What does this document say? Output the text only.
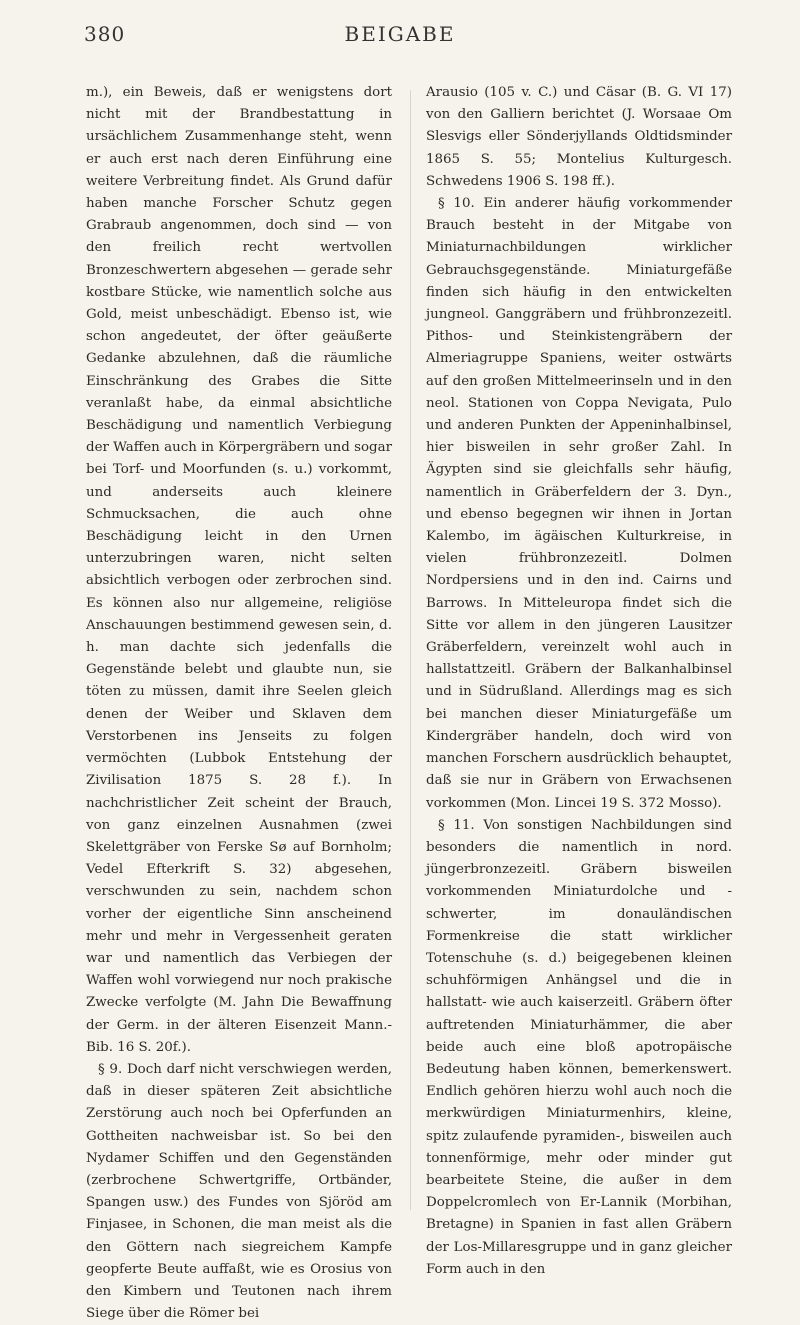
380	BEIGABE

m.), ein Beweis, daß er wenigstens dort nicht mit der Brandbestattung in ursächlichem Zusammenhange steht, wenn er auch erst nach deren Einführung eine weitere Verbreitung findet. Als Grund dafür haben manche Forscher Schutz gegen Grabraub angenommen, doch sind — von den freilich recht wertvollen Bronzeschwertern abgesehen — gerade sehr kostbare Stücke, wie namentlich solche aus Gold, meist unbeschädigt. Ebenso ist, wie schon angedeutet, der öfter geäußerte Gedanke abzulehnen, daß die räumliche Einschränkung des Grabes die Sitte veranlaßt habe, da einmal absichtliche Beschädigung und namentlich Verbiegung der Waffen auch in Körpergräbern und sogar bei Torf- und Moorfunden (s. u.) vorkommt, und anderseits auch kleinere Schmucksachen, die auch ohne Beschädigung leicht in den Urnen unterzubringen waren, nicht selten absichtlich verbogen oder zerbrochen sind. Es können also nur allgemeine, religiöse Anschauungen bestimmend gewesen sein, d. h. man dachte sich jedenfalls die Gegenstände belebt und glaubte nun, sie töten zu müssen, damit ihre Seelen gleich denen der Weiber und Sklaven dem Verstorbenen ins Jenseits zu folgen vermöchten (Lubbok Entstehung der Zivilisation 1875 S. 28 f.). In nachchristlicher Zeit scheint der Brauch, von ganz einzelnen Ausnahmen (zwei Skelettgräber von Ferske Sø auf Bornholm; Vedel Efterkrift S. 32) abgesehen, verschwunden zu sein, nachdem schon vorher der eigentliche Sinn anscheinend mehr und mehr in Vergessenheit geraten war und namentlich das Verbiegen der Waffen wohl vorwiegend nur noch prakische Zwecke verfolgte (M. Jahn Die Bewaffnung der Germ. in der älteren Eisenzeit Mann.-Bib. 16 S. 20f.).

§ 9. Doch darf nicht verschwiegen werden, daß in dieser späteren Zeit absichtliche Zerstörung auch noch bei Opferfunden an Gottheiten nachweisbar ist. So bei den Nydamer Schiffen und den Gegenständen (zerbrochene Schwertgriffe, Ortbänder, Spangen usw.) des Fundes von Sjöröd am Finjasee, in Schonen, die man meist als die den Göttern nach siegreichem Kampfe geopferte Beute auffaßt, wie es Orosius von den Kimbern und Teutonen nach ihrem Siege über die Römer bei

Arausio (105 v. C.) und Cäsar (B. G. VI 17) von den Galliern berichtet (J. Worsaae Om Slesvigs eller Sönderjyllands Oldtidsminder 1865 S. 55; Montelius Kulturgesch. Schwedens 1906 S. 198 ff.).

§ 10. Ein anderer häufig vorkommender Brauch besteht in der Mitgabe von Miniaturnachbildungen wirklicher Gebrauchsgegenstände. Miniaturgefäße finden sich häufig in den entwickelten jungneol. Ganggräbern und frühbronzezeitl. Pithos- und Steinkistengräbern der Almeriagruppe Spaniens, weiter ostwärts auf den großen Mittelmeerinseln und in den neol. Stationen von Coppa Nevigata, Pulo und anderen Punkten der Appeninhalbinsel, hier bisweilen in sehr großer Zahl. In Ägypten sind sie gleichfalls sehr häufig, namentlich in Gräberfeldern der 3. Dyn., und ebenso begegnen wir ihnen in Jortan Kalembo, im ägäischen Kulturkreise, in vielen frühbronzezeitl. Dolmen Nordpersiens und in den ind. Cairns und Barrows. In Mitteleuropa findet sich die Sitte vor allem in den jüngeren Lausitzer Gräberfeldern, vereinzelt wohl auch in hallstattzeitl. Gräbern der Balkanhalbinsel und in Südrußland. Allerdings mag es sich bei manchen dieser Miniaturgefäße um Kindergräber handeln, doch wird von manchen Forschern ausdrücklich behauptet, daß sie nur in Gräbern von Erwachsenen vorkommen (Mon. Lincei 19 S. 372 Mosso).

§ 11. Von sonstigen Nachbildungen sind besonders die namentlich in nord. jüngerbronzezeitl. Gräbern bisweilen vorkommenden Miniaturdolche und -schwerter, im donauländischen Formenkreise die statt wirklicher Totenschuhe (s. d.) beigegebenen kleinen schuhförmigen Anhängsel und die in hallstatt- wie auch kaiserzeitl. Gräbern öfter auftretenden Miniaturhämmer, die aber beide auch eine bloß apotropäische Bedeutung haben können, bemerkenswert. Endlich gehören hierzu wohl auch noch die merkwürdigen Miniaturmenhirs, kleine, spitz zulaufende pyramiden-, bisweilen auch tonnenförmige, mehr oder minder gut bearbeitete Steine, die außer in dem Doppelcromlech von Er-Lannik (Morbihan, Bretagne) in Spanien in fast allen Gräbern der Los-Millaresgruppe und in ganz gleicher Form auch in den
